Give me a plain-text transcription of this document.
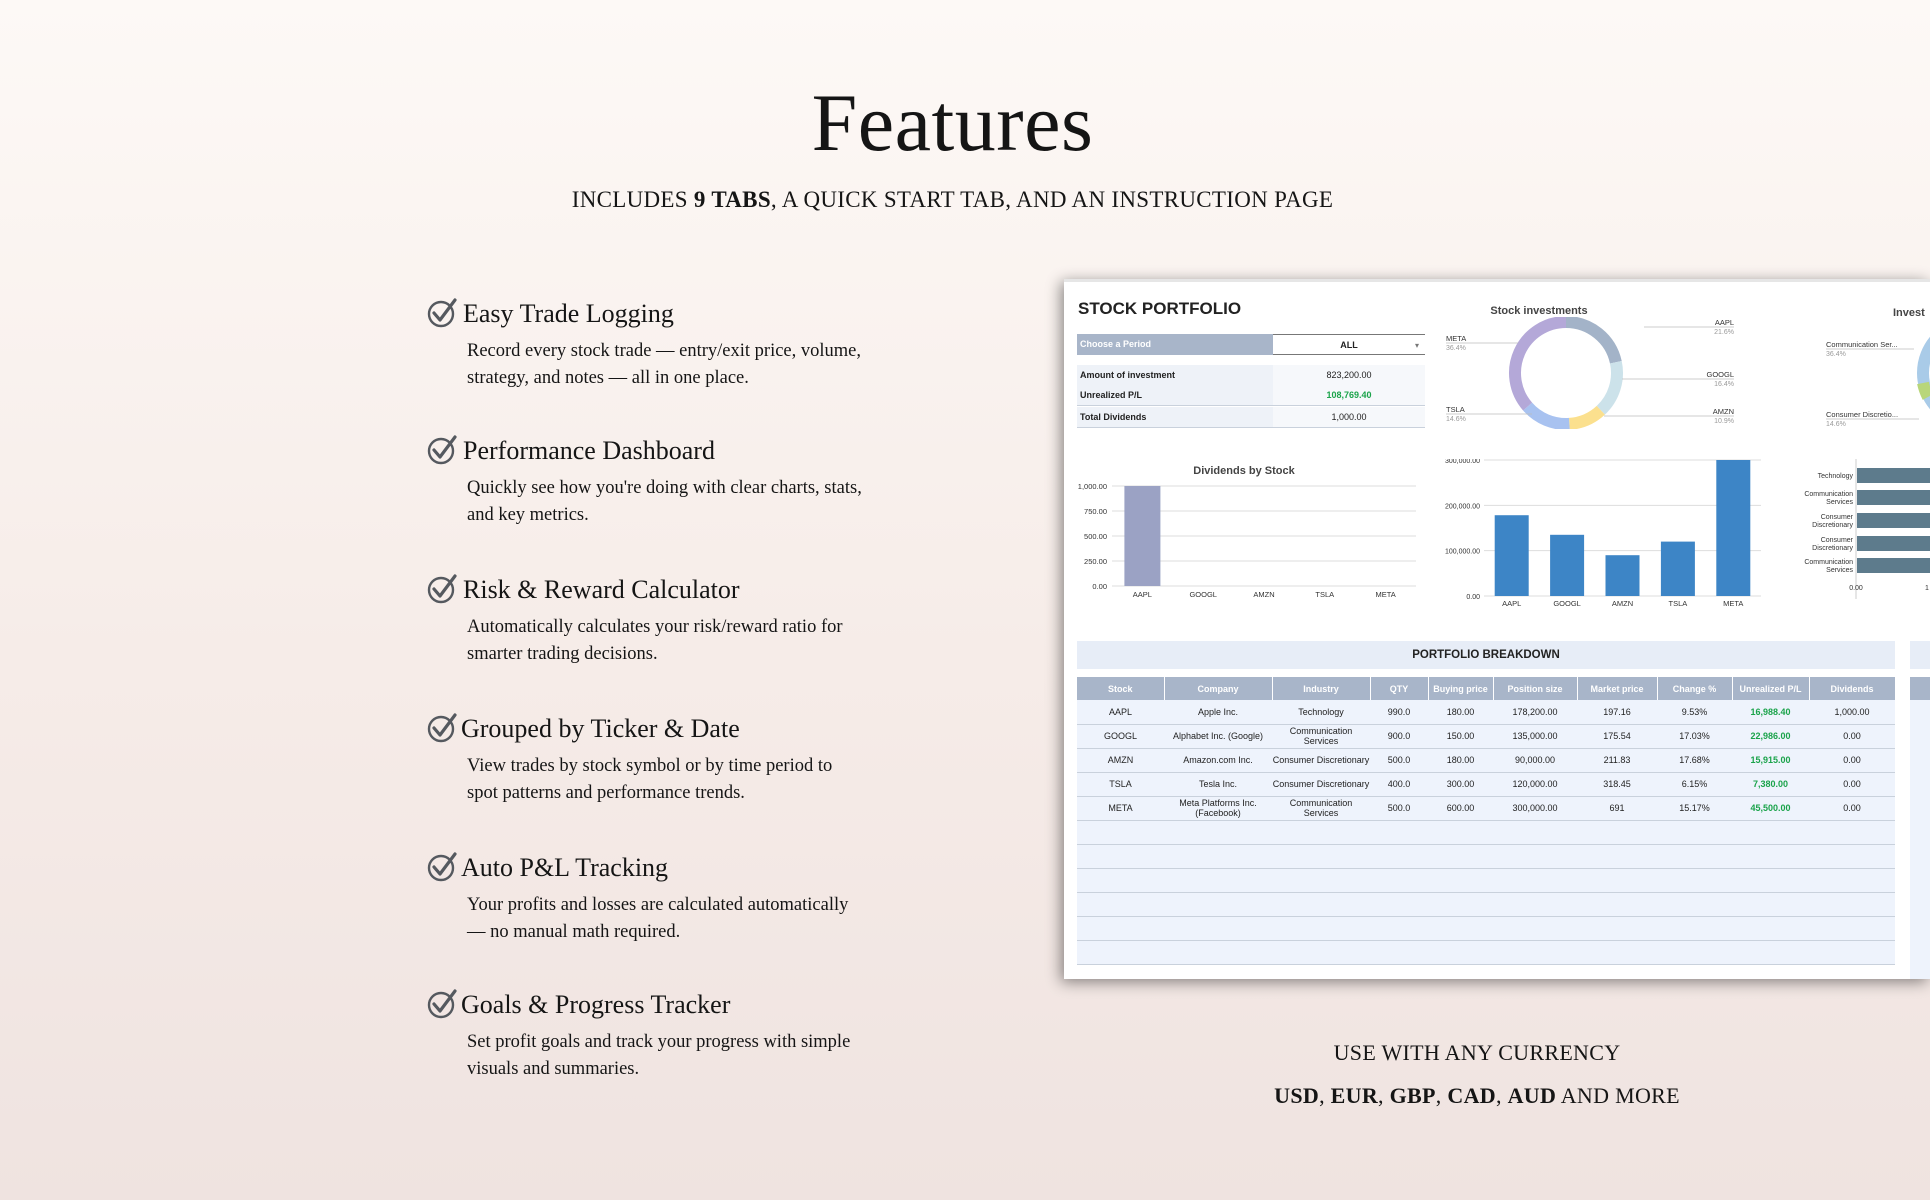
Features
INCLUDES 9 TABS, A QUICK START TAB, AND AN INSTRUCTION PAGE
Easy Trade Logging

Record every stock trade — entry/exit price, volume, strategy, and notes — all in one place.

Performance Dashboard

Quickly see how you're doing with clear charts, stats, and key metrics.

Risk & Reward Calculator

Automatically calculates your risk/reward ratio for smarter trading decisions.

Grouped by Ticker & Date

View trades by stock symbol or by time period to spot patterns and performance trends.

Auto P&L Tracking

Your profits and losses are calculated automatically — no manual math required.

Goals & Progress Tracker

Set profit goals and track your progress with simple visuals and summaries.

STOCK PORTFOLIO
Choose a Period	ALL ▾
Amount of investment	823,200.00
Unrealized P/L	108,769.40
Total Dividends	1,000.00
Dividends by Stock
0.00
250.00
500.00
750.00
1,000.00
AAPL	GOOGL	AMZN	TSLA	META
Stock investments
AAPL
21.6%
GOOGL
16.4%
AMZN
10.9%
TSLA
14.6%
META
36.4%
0.00
100,000.00
200,000.00
300,000.00
AAPL	GOOGL	AMZN	TSLA	META
Invest
Communication Ser...
36.4%
Consumer Discretio...
14.6%
Technology
Communication
Services
Consumer
Discretionary
Consumer
Discretionary
Communication
Services
0.00	1
PORTFOLIO BREAKDOWN
Stock	Company	Industry	QTY	Buying price	Position size	Market price	Change %	Unrealized P/L	Dividends
AAPL	Apple Inc.	Technology	990.0	180.00	178,200.00	197.16	9.53%	16,988.40	1,000.00
GOOGL	Alphabet Inc. (Google)	Communication Services	900.0	150.00	135,000.00	175.54	17.03%	22,986.00	0.00
AMZN	Amazon.com Inc.	Consumer Discretionary	500.0	180.00	90,000.00	211.83	17.68%	15,915.00	0.00
TSLA	Tesla Inc.	Consumer Discretionary	400.0	300.00	120,000.00	318.45	6.15%	7,380.00	0.00
META	Meta Platforms Inc. (Facebook)	Communication Services	500.0	600.00	300,000.00	691	15.17%	45,500.00	0.00

USE WITH ANY CURRENCY
USD, EUR, GBP, CAD, AUD AND MORE
